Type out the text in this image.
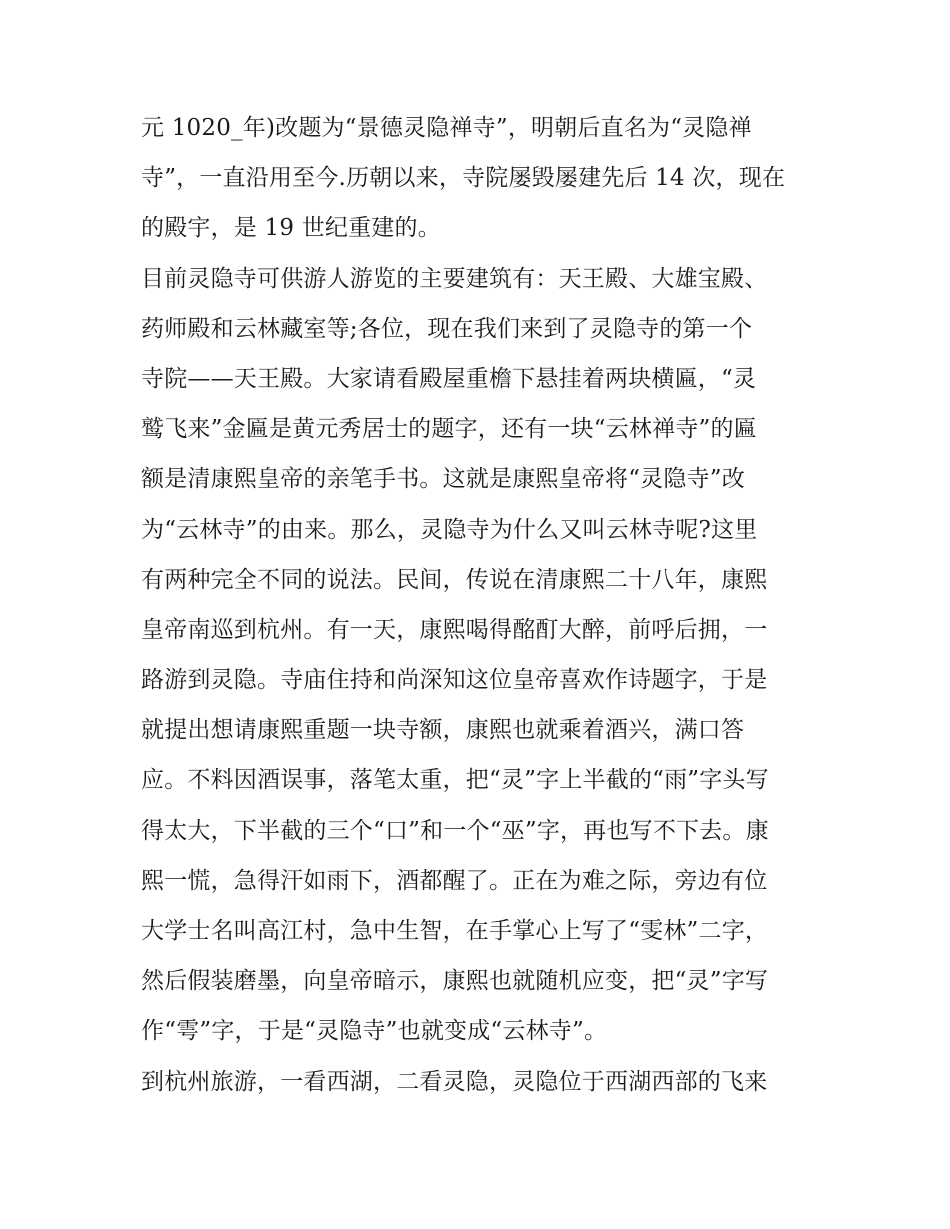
元 1020_年)改题为“景德灵隐禅寺”，明朝后直名为“灵隐禅
寺”，一直沿用至今.历朝以来，寺院屡毁屡建先后 14 次，现在
的殿宇，是 19 世纪重建的。
目前灵隐寺可供游人游览的主要建筑有：天王殿、大雄宝殿、
药师殿和云林藏室等;各位，现在我们来到了灵隐寺的第一个
寺院——天王殿。大家请看殿屋重檐下悬挂着两块横匾，“灵
鹫飞来”金匾是黄元秀居士的题字，还有一块“云林禅寺”的匾
额是清康熙皇帝的亲笔手书。这就是康熙皇帝将“灵隐寺”改
为“云林寺”的由来。那么，灵隐寺为什么又叫云林寺呢?这里
有两种完全不同的说法。民间，传说在清康熙二十八年，康熙
皇帝南巡到杭州。有一天，康熙喝得酩酊大醉，前呼后拥，一
路游到灵隐。寺庙住持和尚深知这位皇帝喜欢作诗题字，于是
就提出想请康熙重题一块寺额，康熙也就乘着酒兴，满口答
应。不料因酒误事，落笔太重，把“灵”字上半截的“雨”字头写
得太大，下半截的三个“口”和一个“巫”字，再也写不下去。康
熙一慌，急得汗如雨下，酒都醒了。正在为难之际，旁边有位
大学士名叫高江村，急中生智，在手掌心上写了“雯林”二字，
然后假装磨墨，向皇帝暗示，康熙也就随机应变，把“灵”字写
作“雩”字，于是“灵隐寺”也就变成“云林寺”。
到杭州旅游，一看西湖，二看灵隐，灵隐位于西湖西部的飞来
